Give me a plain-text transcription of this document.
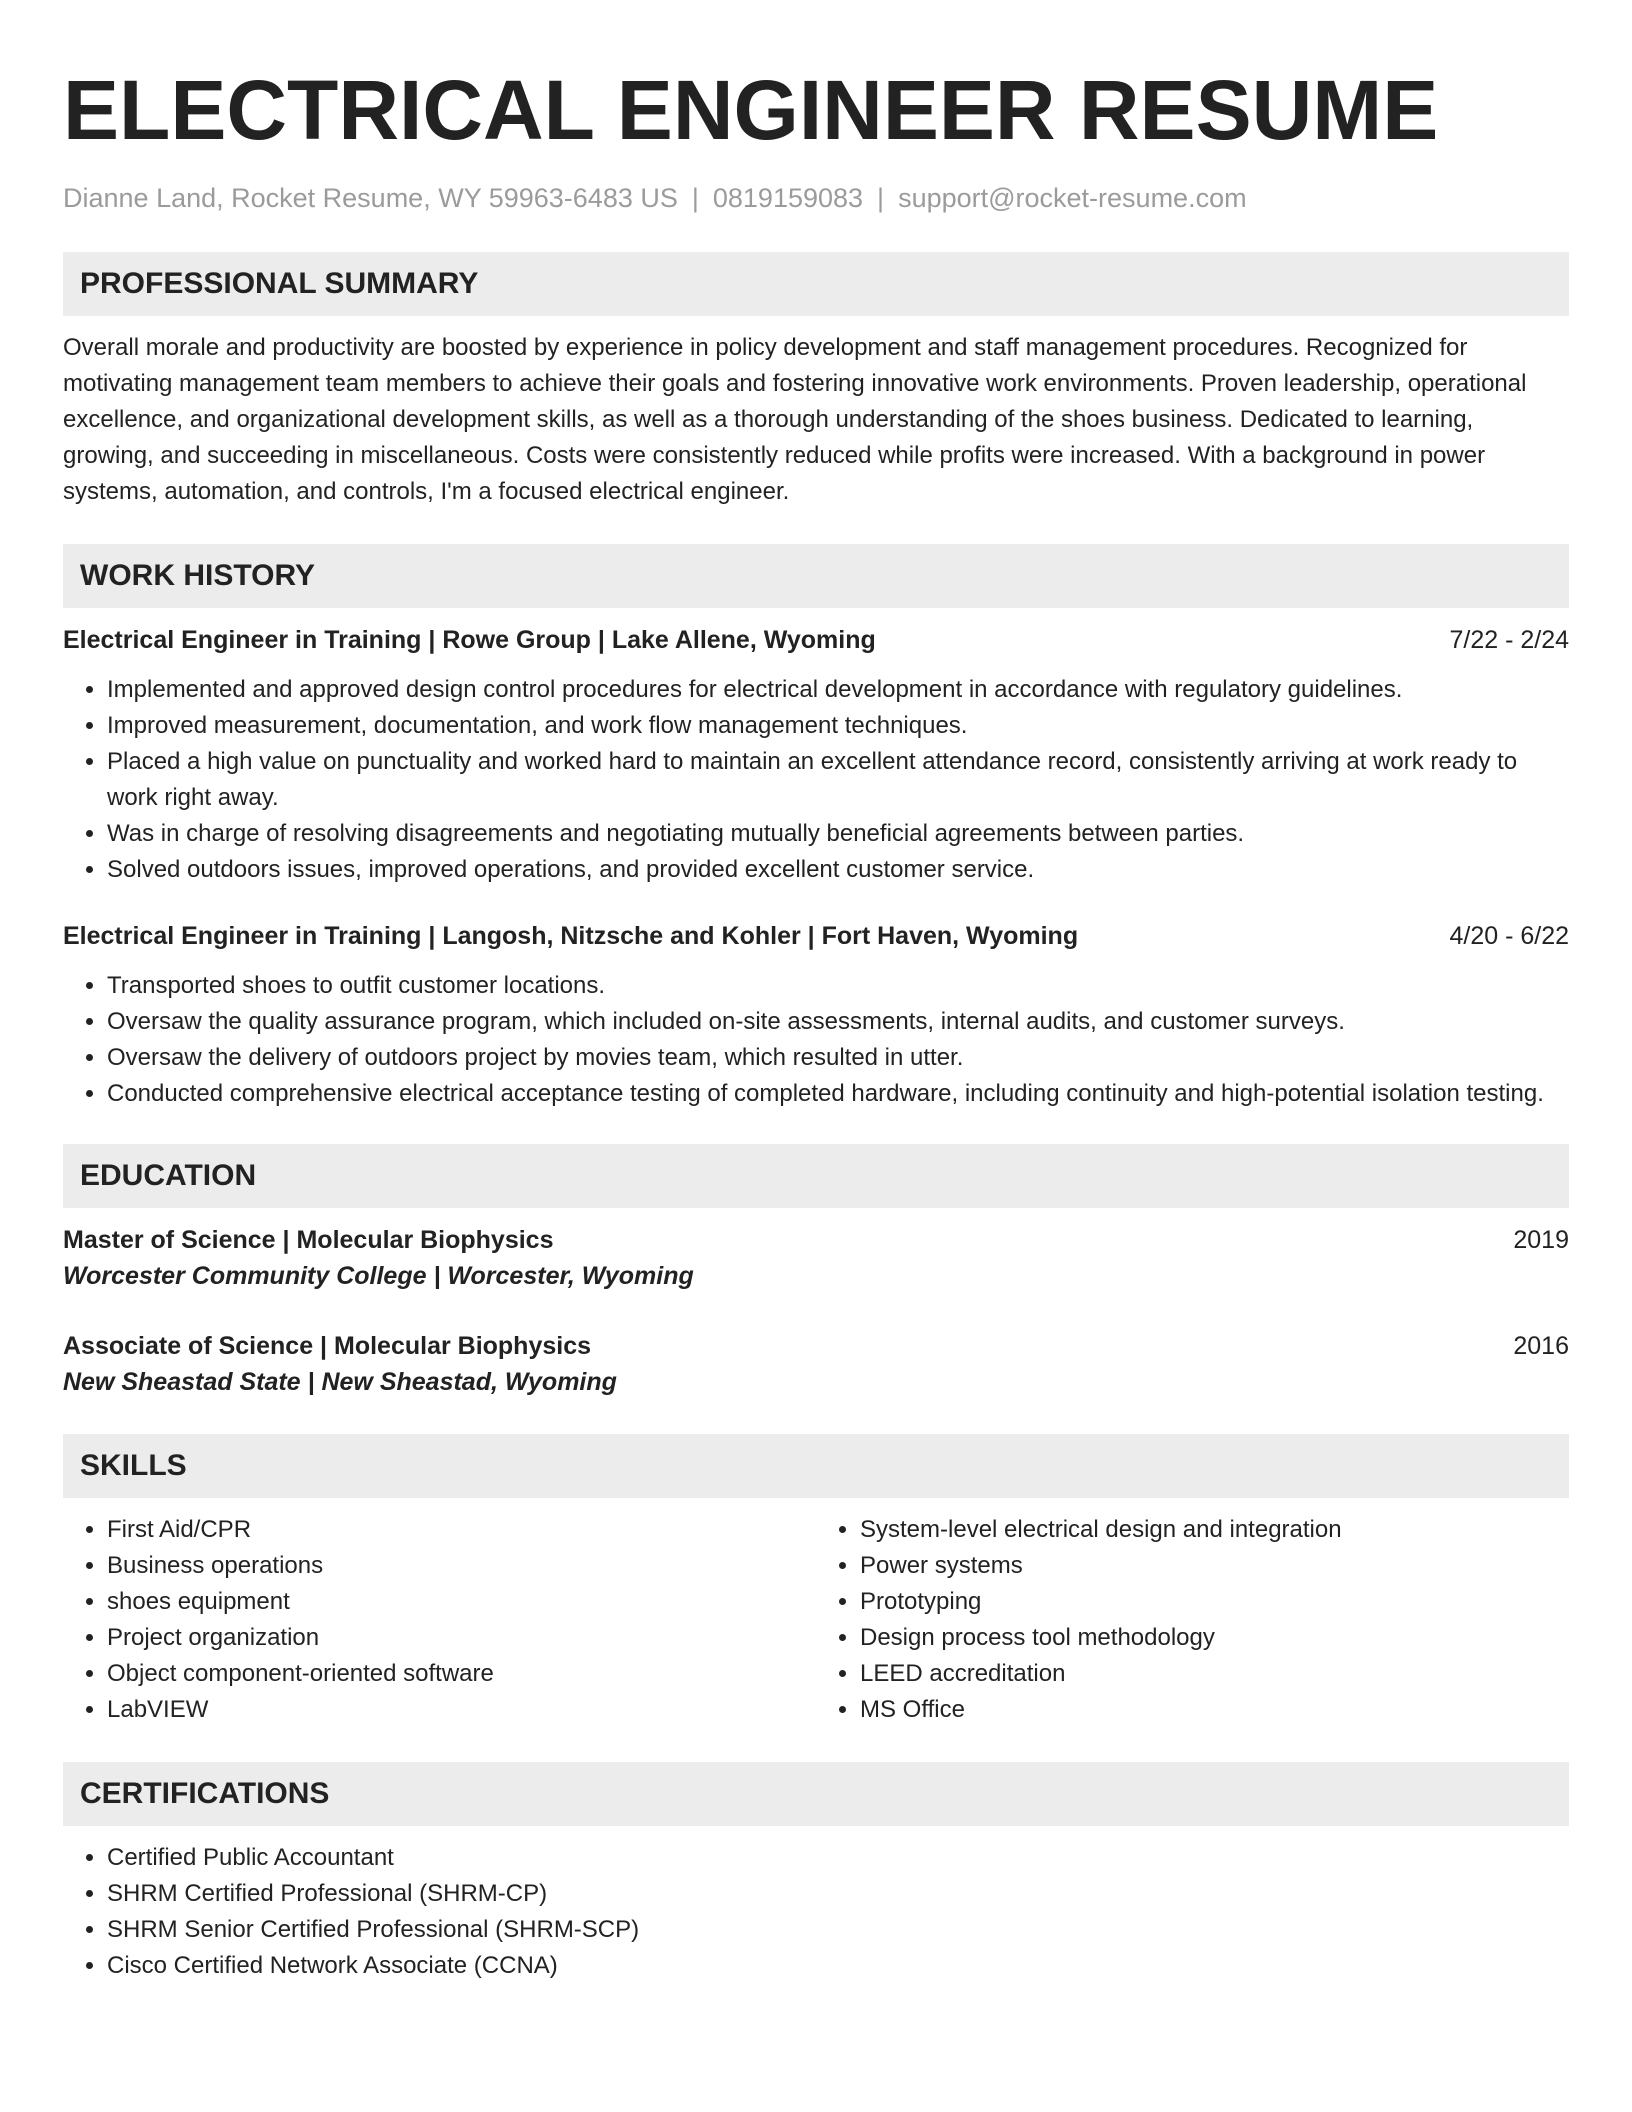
ELECTRICAL ENGINEER RESUME
Dianne Land, Rocket Resume, WY 59963-6483 US | 0819159083 | support@rocket-resume.com
PROFESSIONAL SUMMARY
Overall morale and productivity are boosted by experience in policy development and staff management procedures. Recognized for motivating management team members to achieve their goals and fostering innovative work environments. Proven leadership, operational excellence, and organizational development skills, as well as a thorough understanding of the shoes business. Dedicated to learning, growing, and succeeding in miscellaneous. Costs were consistently reduced while profits were increased. With a background in power systems, automation, and controls, I'm a focused electrical engineer.
WORK HISTORY
Electrical Engineer in Training | Rowe Group | Lake Allene, Wyoming	7/22 - 2/24
• Implemented and approved design control procedures for electrical development in accordance with regulatory guidelines.
• Improved measurement, documentation, and work flow management techniques.
• Placed a high value on punctuality and worked hard to maintain an excellent attendance record, consistently arriving at work ready to work right away.
• Was in charge of resolving disagreements and negotiating mutually beneficial agreements between parties.
• Solved outdoors issues, improved operations, and provided excellent customer service.
Electrical Engineer in Training | Langosh, Nitzsche and Kohler | Fort Haven, Wyoming	4/20 - 6/22
• Transported shoes to outfit customer locations.
• Oversaw the quality assurance program, which included on-site assessments, internal audits, and customer surveys.
• Oversaw the delivery of outdoors project by movies team, which resulted in utter.
• Conducted comprehensive electrical acceptance testing of completed hardware, including continuity and high-potential isolation testing.
EDUCATION
Master of Science | Molecular Biophysics	2019
Worcester Community College | Worcester, Wyoming
Associate of Science | Molecular Biophysics	2016
New Sheastad State | New Sheastad, Wyoming
SKILLS
• First Aid/CPR
• Business operations
• shoes equipment
• Project organization
• Object component-oriented software
• LabVIEW
• System-level electrical design and integration
• Power systems
• Prototyping
• Design process tool methodology
• LEED accreditation
• MS Office
CERTIFICATIONS
• Certified Public Accountant
• SHRM Certified Professional (SHRM-CP)
• SHRM Senior Certified Professional (SHRM-SCP)
• Cisco Certified Network Associate (CCNA)
